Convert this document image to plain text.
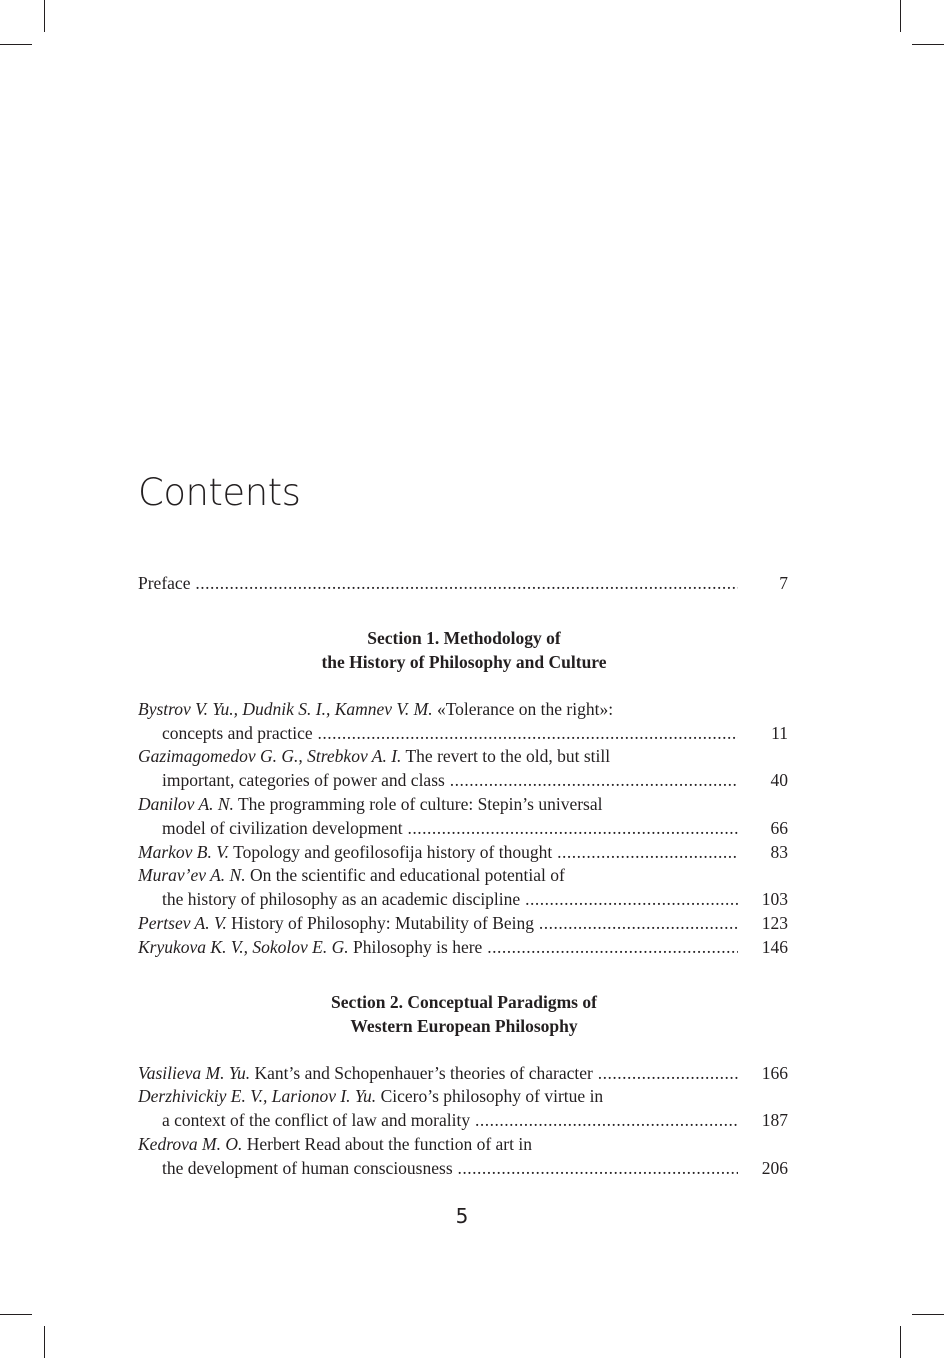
Contents
Preface .....	7
Section 1. Methodology of
the History of Philosophy and Culture
Bystrov V. Yu., Dudnik S. I., Kamnev V. M. «Tolerance on the right»:
concepts and practice .....	11
Gazimagomedov G. G., Strebkov A. I. The revert to the old, but still
important, categories of power and class .....	40
Danilov A. N. The programming role of culture: Stepin’s universal
model of civilization development .....	66
Markov B. V. Topology and geofilosofija history of thought .....	83
Murav’ev A. N. On the scientific and educational potential of
the history of philosophy as an academic discipline .....	103
Pertsev A. V. History of Philosophy: Mutability of Being .....	123
Kryukova K. V., Sokolov E. G. Philosophy is here .....	146
Section 2. Conceptual Paradigms of
Western European Philosophy
Vasilieva M. Yu. Kant’s and Schopenhauer’s theories of character .....	166
Derzhivickiy E. V., Larionov I. Yu. Cicero’s philosophy of virtue in
a context of the conflict of law and morality .....	187
Kedrova M. O. Herbert Read about the function of art in
the development of human consciousness .....	206
5
